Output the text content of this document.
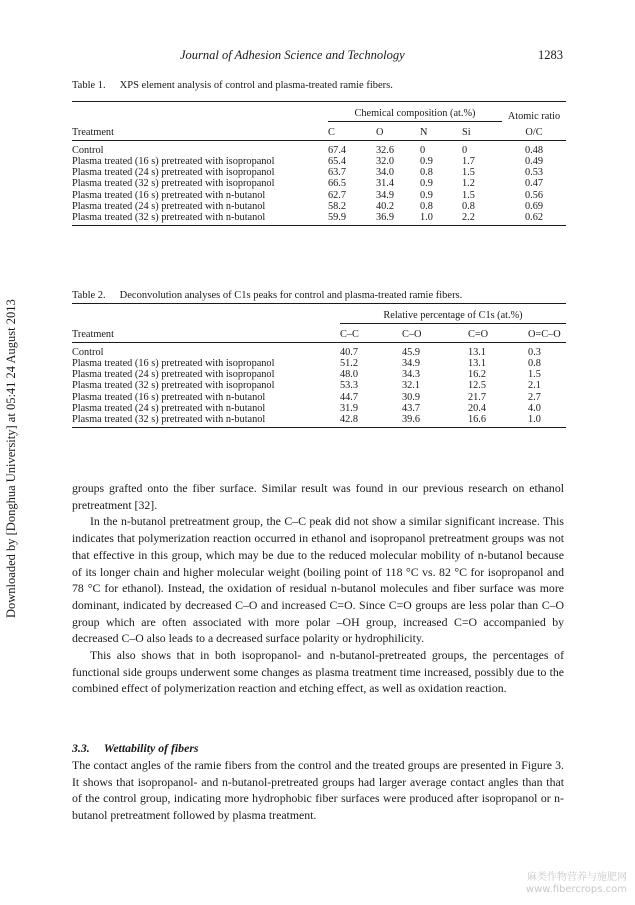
Journal of Adhesion Science and Technology	1283
Downloaded by [Donghua University] at 05:41 24 August 2013
Table 1. XPS element analysis of control and plasma-treated ramie fibers.

	Chemical composition (at.%)				Atomic ratio
Treatment	C	O	N	Si	O/C

Control	67.4	32.6	0	0	0.48
Plasma treated (16 s) pretreated with isopropanol	65.4	32.0	0.9	1.7	0.49
Plasma treated (24 s) pretreated with isopropanol	63.7	34.0	0.8	1.5	0.53
Plasma treated (32 s) pretreated with isopropanol	66.5	31.4	0.9	1.2	0.47
Plasma treated (16 s) pretreated with n-butanol	62.7	34.9	0.9	1.5	0.56
Plasma treated (24 s) pretreated with n-butanol	58.2	40.2	0.8	0.8	0.69
Plasma treated (32 s) pretreated with n-butanol	59.9	36.9	1.0	2.2	0.62

Table 2. Deconvolution analyses of C1s peaks for control and plasma-treated ramie fibers.

	Relative percentage of C1s (at.%)			
Treatment	C–C	C–O	C=O	O=C–O

Control	40.7	45.9	13.1	0.3
Plasma treated (16 s) pretreated with isopropanol	51.2	34.9	13.1	0.8
Plasma treated (24 s) pretreated with isopropanol	48.0	34.3	16.2	1.5
Plasma treated (32 s) pretreated with isopropanol	53.3	32.1	12.5	2.1
Plasma treated (16 s) pretreated with n-butanol	44.7	30.9	21.7	2.7
Plasma treated (24 s) pretreated with n-butanol	31.9	43.7	20.4	4.0
Plasma treated (32 s) pretreated with n-butanol	42.8	39.6	16.6	1.0

groups grafted onto the fiber surface. Similar result was found in our previous research on ethanol pretreatment [32].

In the n-butanol pretreatment group, the C–C peak did not show a similar significant increase. This indicates that polymerization reaction occurred in ethanol and isopropanol pretreatment groups was not that effective in this group, which may be due to the reduced molecular mobility of n-butanol because of its longer chain and higher molecular weight (boiling point of 118 °C vs. 82 °C for isopropanol and 78 °C for ethanol). Instead, the oxidation of residual n-butanol molecules and fiber surface was more dominant, indicated by decreased C–O and increased C=O. Since C=O groups are less polar than C–O group which are often associated with more polar –OH group, increased C=O accompanied by decreased C–O also leads to a decreased surface polarity or hydrophilicity.

This also shows that in both isopropanol- and n-butanol-pretreated groups, the percentages of functional side groups underwent some changes as plasma treatment time increased, possibly due to the combined effect of polymerization reaction and etching effect, as well as oxidation reaction.

3.3. Wettability of fibers

The contact angles of the ramie fibers from the control and the treated groups are presented in Figure 3. It shows that isopropanol- and n-butanol-pretreated groups had larger average contact angles than that of the control group, indicating more hydrophobic fiber surfaces were produced after isopropanol or n-butanol pretreatment followed by plasma treatment.

麻类作物营养与施肥网
www.fibercrops.com
